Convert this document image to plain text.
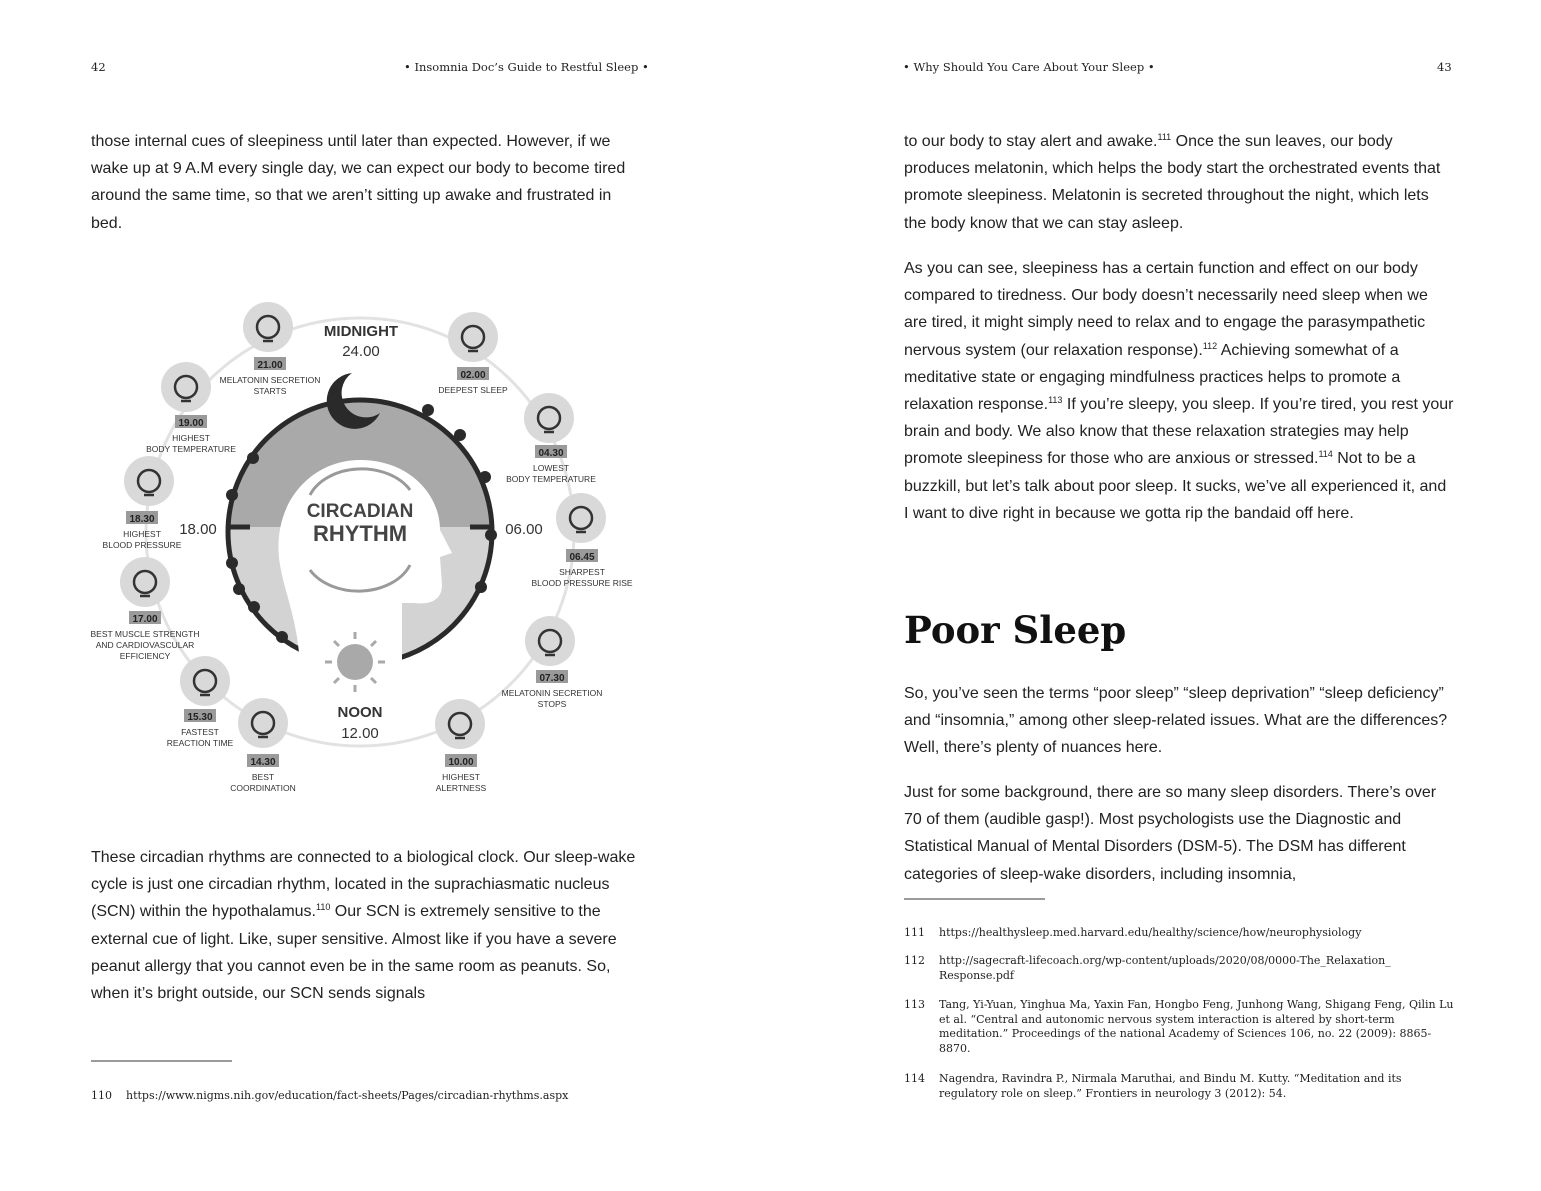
42	• Insomnia Doc’s Guide to Restful Sleep •

those internal cues of sleepiness until later than expected. However, if we wake up at 9 A.M every single day, we can expect our body to become tired around the same time, so that we aren’t sitting up awake and frustrated in bed.

CIRCADIAN
RHYTHM
MIDNIGHT
24.00
NOON
12.00
18.00	06.00
21.00
MELATONIN SECRETION
STARTS
02.00
DEEPEST SLEEP
19.00
HIGHEST
BODY TEMPERATURE	04.30
LOWEST
BODY TEMPERATURE
18.30
HIGHEST
BLOOD PRESSURE
06.45
SHARPEST
BLOOD PRESSURE RISE
17.00
BEST MUSCLE STRENGTH
AND CARDIOVASCULAR
EFFICIENCY
07.30
MELATONIN SECRETION
STOPS
15.30
FASTEST
REACTION TIME
10.00
HIGHEST
ALERTNESS
14.30
BEST
COORDINATION

These circadian rhythms are connected to a biological clock. Our sleep-wake cycle is just one circadian rhythm, located in the suprachiasmatic nucleus (SCN) within the hypothalamus.$^{110}$ Our SCN is extremely sensitive to the external cue of light. Like, super sensitive. Almost like if you have a severe peanut allergy that you cannot even be in the same room as peanuts. So, when it’s bright outside, our SCN sends signals

110 https://www.nigms.nih.gov/education/fact-sheets/Pages/circadian-rhythms.aspx
• Why Should You Care About Your Sleep •	43

to our body to stay alert and awake.$^{111}$ Once the sun leaves, our body produces melatonin, which helps the body start the orchestrated events that promote sleepiness. Melatonin is secreted throughout the night, which lets the body know that we can stay asleep.

As you can see, sleepiness has a certain function and effect on our body compared to tiredness. Our body doesn’t necessarily need sleep when we are tired, it might simply need to relax and to engage the parasympathetic nervous system (our relaxation response).$^{112}$ Achieving somewhat of a meditative state or engaging mindfulness practices helps to promote a relaxation response.$^{113}$ If you’re sleepy, you sleep. If you’re tired, you rest your brain and body. We also know that these relaxation strategies may help promote sleepiness for those who are anxious or stressed.$^{114}$ Not to be a buzzkill, but let’s talk about poor sleep. It sucks, we’ve all experienced it, and I want to dive right in because we gotta rip the bandaid off here.

Poor Sleep

So, you’ve seen the terms “poor sleep” “sleep deprivation” “sleep deficiency” and “insomnia,” among other sleep-related issues. What are the differences? Well, there’s plenty of nuances here.

Just for some background, there are so many sleep disorders. There’s over 70 of them (audible gasp!). Most psychologists use the Diagnostic and Statistical Manual of Mental Disorders (DSM-5). The DSM has different categories of sleep-wake disorders, including insomnia,

111 https://healthysleep.med.harvard.edu/healthy/science/how/neurophysiology
112 http://sagecraft-lifecoach.org/wp-content/uploads/2020/08/0000-The_Relaxation_ Response.pdf
113 Tang, Yi-Yuan, Yinghua Ma, Yaxin Fan, Hongbo Feng, Junhong Wang, Shigang Feng, Qilin Lu et al. “Central and autonomic nervous system interaction is altered by short-term meditation.” Proceedings of the national Academy of Sciences 106, no. 22 (2009): 8865-8870.
114 Nagendra, Ravindra P., Nirmala Maruthai, and Bindu M. Kutty. “Meditation and its regulatory role on sleep.” Frontiers in neurology 3 (2012): 54.
